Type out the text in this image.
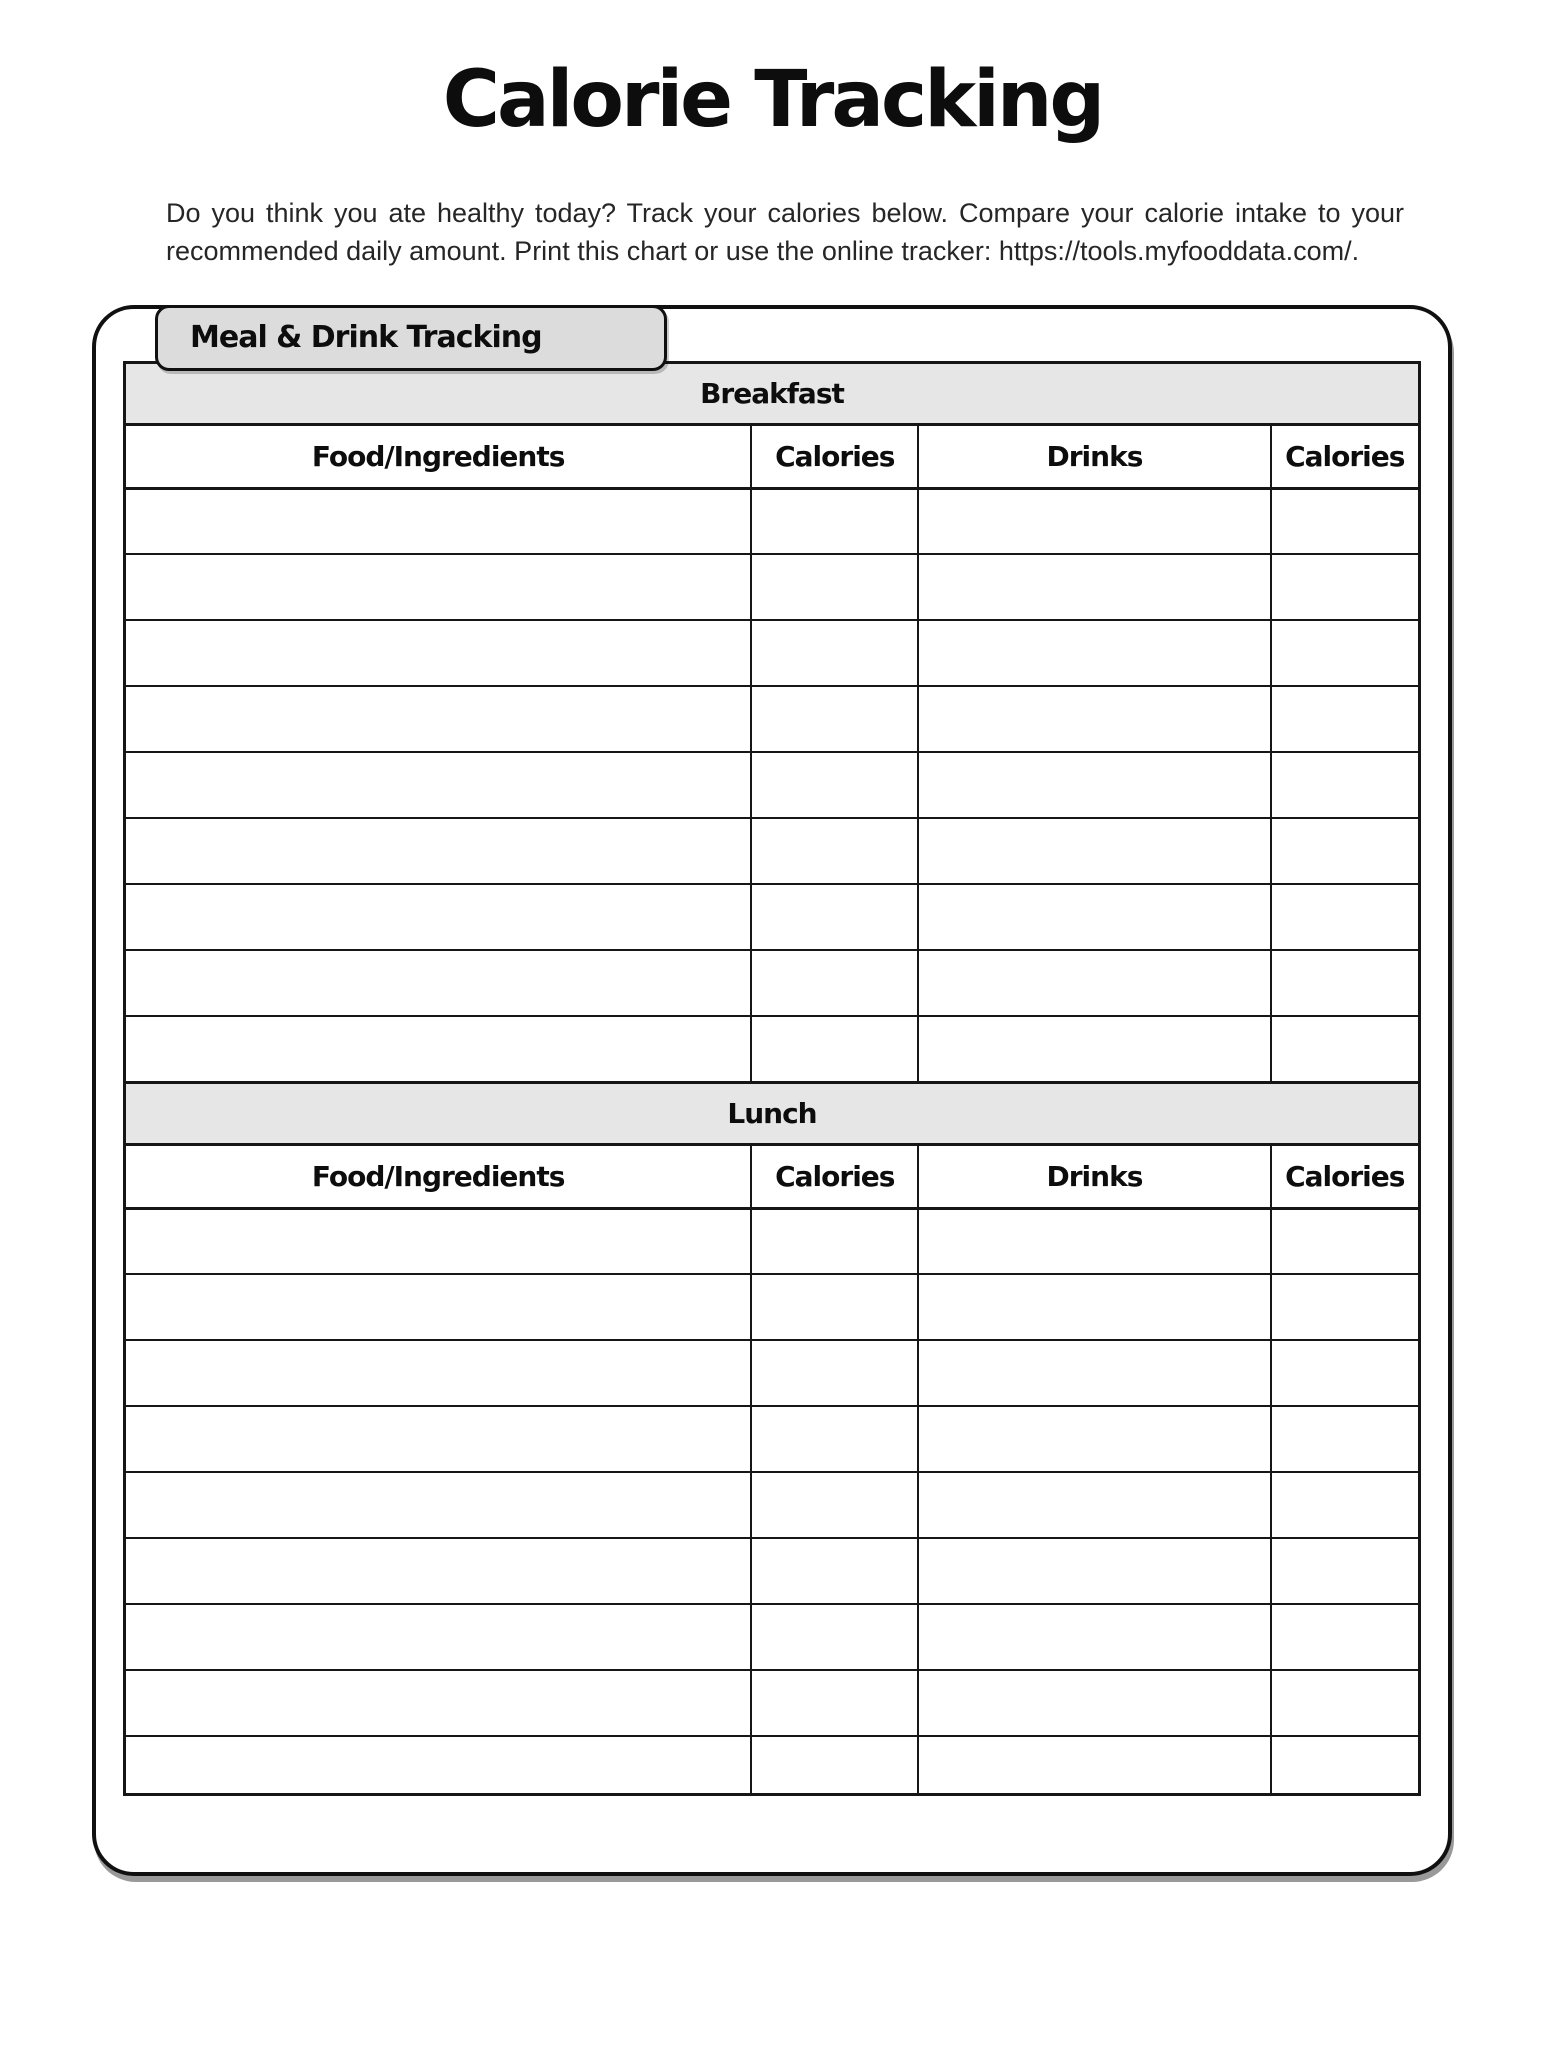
Calorie Tracking

Do you think you ate healthy today? Track your calories below. Compare your calorie intake to your recommended daily amount. Print this chart or use the online tracker: https://tools.myfooddata.com/.

Meal & Drink Tracking
Breakfast			
Food/Ingredients	Calories	Drinks	Calories

Lunch			
Food/Ingredients	Calories	Drinks	Calories
